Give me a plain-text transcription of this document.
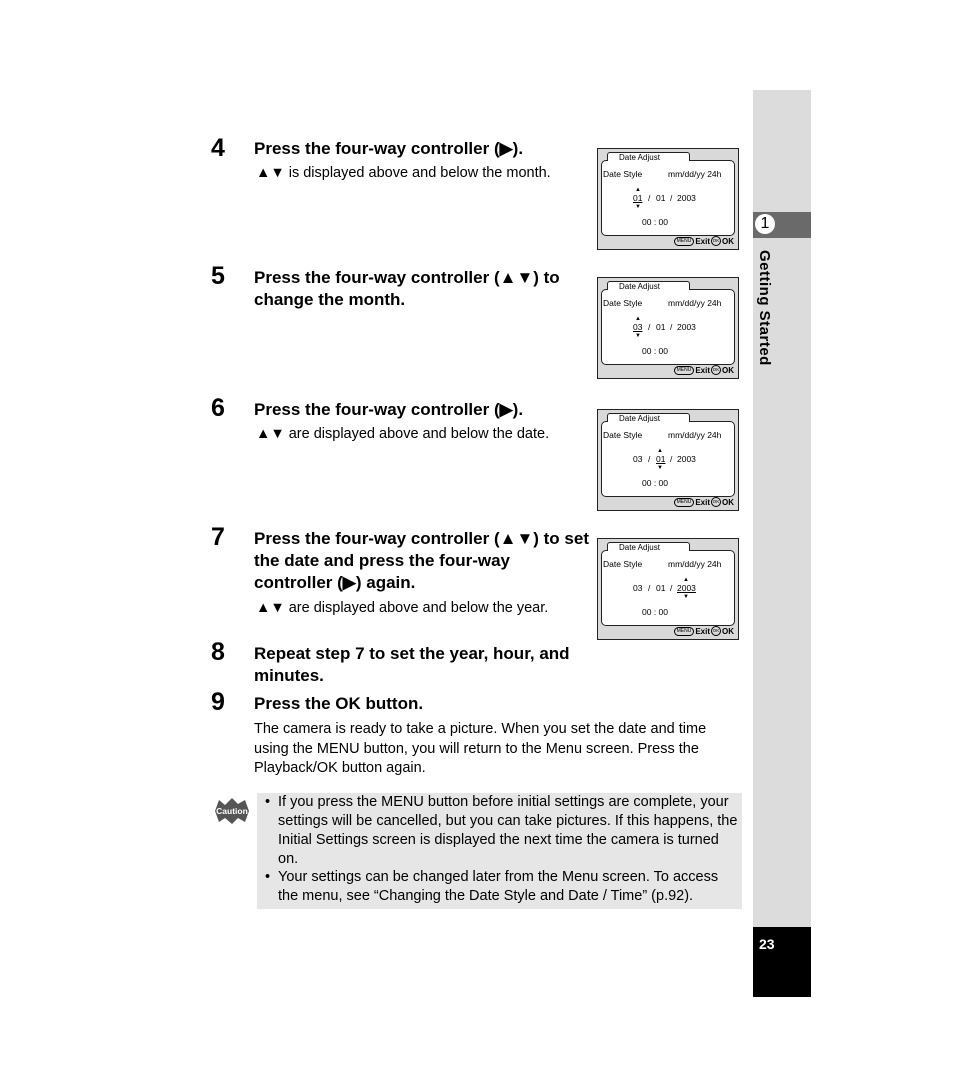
1
Getting Started
23
4 Press the four-way controller (▶).
▲▼ is displayed above and below the month.
5 Press the four-way controller (▲▼) to change the month.
6 Press the four-way controller (▶).
▲▼ are displayed above and below the date.
7 Press the four-way controller (▲▼) to set the date and press the four-way controller (▶) again.
▲▼ are displayed above and below the year.
8 Repeat step 7 to set the year, hour, and minutes.
9 Press the OK button.
The camera is ready to take a picture. When you set the date and time using the MENU button, you will return to the Menu screen. Press the Playback/OK button again.
Date Adjust
Date Style	mm/dd/yy 24h
▲
▼
01 / 01 / 2003
00 : 00
MENU Exit OK OK
Date Adjust
Date Style	mm/dd/yy 24h
▲
▼
03 / 01 / 2003
00 : 00
MENU Exit OK OK
Date Adjust
Date Style	mm/dd/yy 24h
▲
▼
03 / 01 / 2003
00 : 00
MENU Exit OK OK
Date Adjust
Date Style	mm/dd/yy 24h
▲
▼
03 / 01 / 2003
00 : 00
MENU Exit OK OK
Caution
• If you press the MENU button before initial settings are complete, your settings will be cancelled, but you can take pictures. If this happens, the Initial Settings screen is displayed the next time the camera is turned on.
• Your settings can be changed later from the Menu screen. To access the menu, see “Changing the Date Style and Date / Time” (p.92).
